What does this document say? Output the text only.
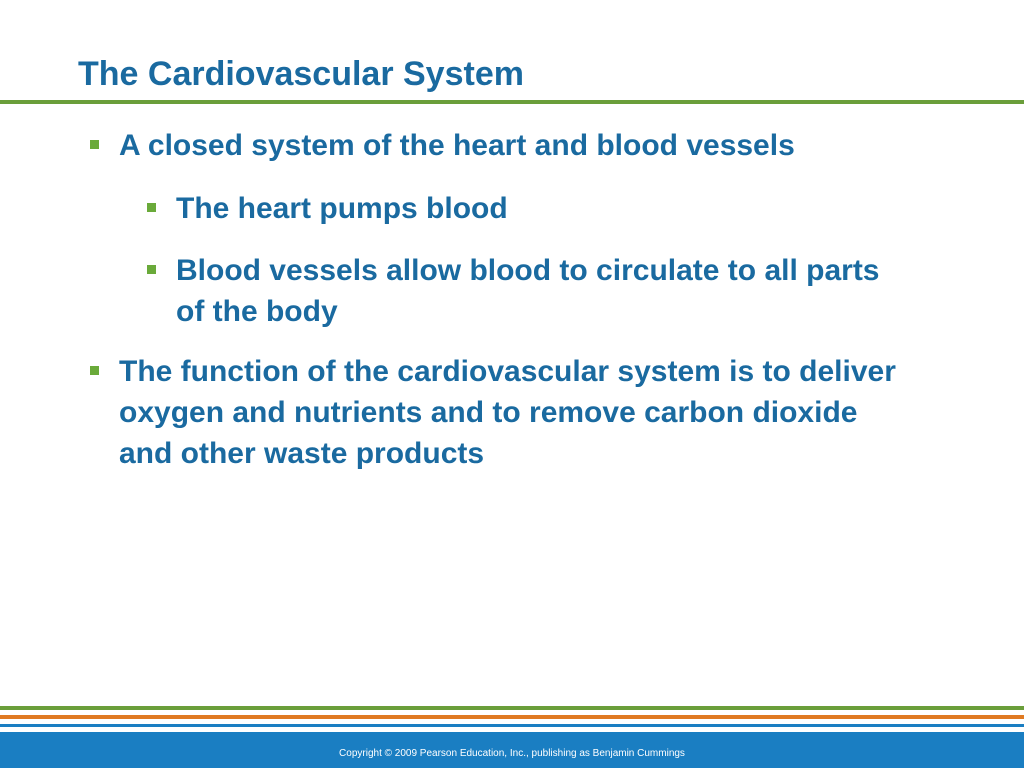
The Cardiovascular System
A closed system of the heart and blood vessels
The heart pumps blood
Blood vessels allow blood to circulate to all parts of the body
The function of the cardiovascular system is to deliver oxygen and nutrients and to remove carbon dioxide and other waste products
Copyright © 2009 Pearson Education, Inc., publishing as Benjamin Cummings
